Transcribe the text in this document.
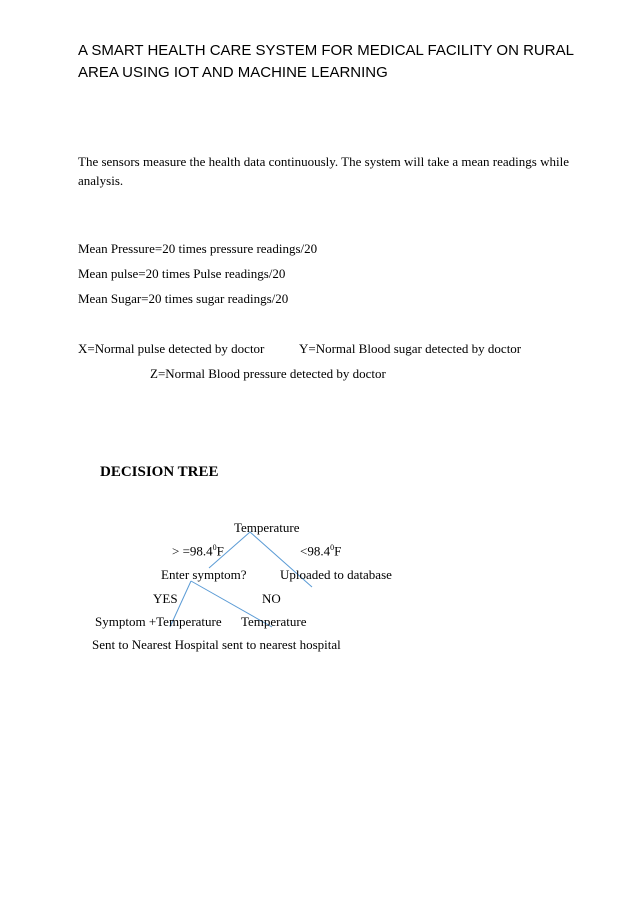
A SMART HEALTH CARE SYSTEM FOR MEDICAL FACILITY ON RURAL AREA USING IOT AND MACHINE LEARNING

The sensors measure the health data continuously. The system will take a mean readings while analysis.

Mean Pressure=20 times pressure readings/20
Mean pulse=20 times Pulse readings/20
Mean Sugar=20 times sugar readings/20
X=Normal pulse detected by doctor	Y=Normal Blood sugar detected by doctor
Z=Normal Blood pressure detected by doctor
DECISION TREE
Temperature
> $=98.4^0F$	$<98.4^0F$
Enter symptom?	Uploaded to database
YES	NO
Symptom +Temperature Temperature
Sent to Nearest Hospital sent to nearest hospital
